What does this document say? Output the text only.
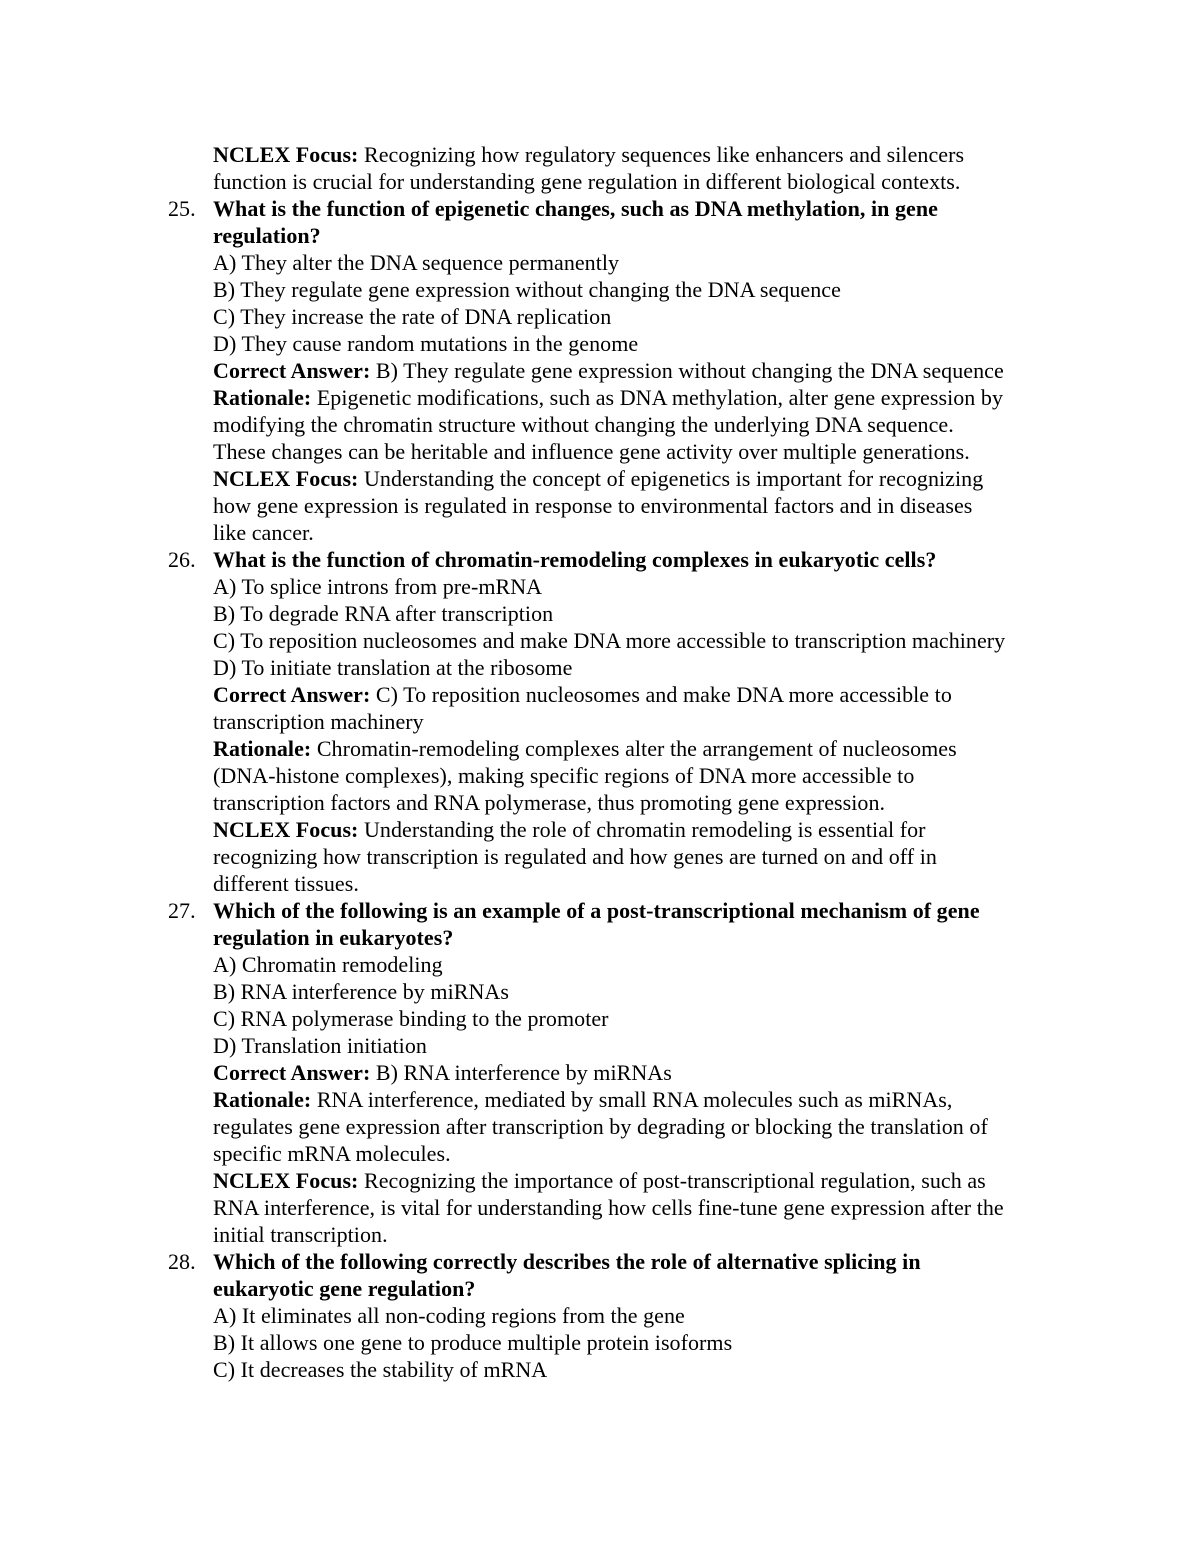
NCLEX Focus: Recognizing how regulatory sequences like enhancers and silencers
function is crucial for understanding gene regulation in different biological contexts.
25. What is the function of epigenetic changes, such as DNA methylation, in gene
regulation?
A) They alter the DNA sequence permanently
B) They regulate gene expression without changing the DNA sequence
C) They increase the rate of DNA replication
D) They cause random mutations in the genome
Correct Answer: B) They regulate gene expression without changing the DNA sequence
Rationale: Epigenetic modifications, such as DNA methylation, alter gene expression by
modifying the chromatin structure without changing the underlying DNA sequence.
These changes can be heritable and influence gene activity over multiple generations.
NCLEX Focus: Understanding the concept of epigenetics is important for recognizing
how gene expression is regulated in response to environmental factors and in diseases
like cancer.
26. What is the function of chromatin-remodeling complexes in eukaryotic cells?
A) To splice introns from pre-mRNA
B) To degrade RNA after transcription
C) To reposition nucleosomes and make DNA more accessible to transcription machinery
D) To initiate translation at the ribosome
Correct Answer: C) To reposition nucleosomes and make DNA more accessible to
transcription machinery
Rationale: Chromatin-remodeling complexes alter the arrangement of nucleosomes
(DNA-histone complexes), making specific regions of DNA more accessible to
transcription factors and RNA polymerase, thus promoting gene expression.
NCLEX Focus: Understanding the role of chromatin remodeling is essential for
recognizing how transcription is regulated and how genes are turned on and off in
different tissues.
27. Which of the following is an example of a post-transcriptional mechanism of gene
regulation in eukaryotes?
A) Chromatin remodeling
B) RNA interference by miRNAs
C) RNA polymerase binding to the promoter
D) Translation initiation
Correct Answer: B) RNA interference by miRNAs
Rationale: RNA interference, mediated by small RNA molecules such as miRNAs,
regulates gene expression after transcription by degrading or blocking the translation of
specific mRNA molecules.
NCLEX Focus: Recognizing the importance of post-transcriptional regulation, such as
RNA interference, is vital for understanding how cells fine-tune gene expression after the
initial transcription.
28. Which of the following correctly describes the role of alternative splicing in
eukaryotic gene regulation?
A) It eliminates all non-coding regions from the gene
B) It allows one gene to produce multiple protein isoforms
C) It decreases the stability of mRNA
